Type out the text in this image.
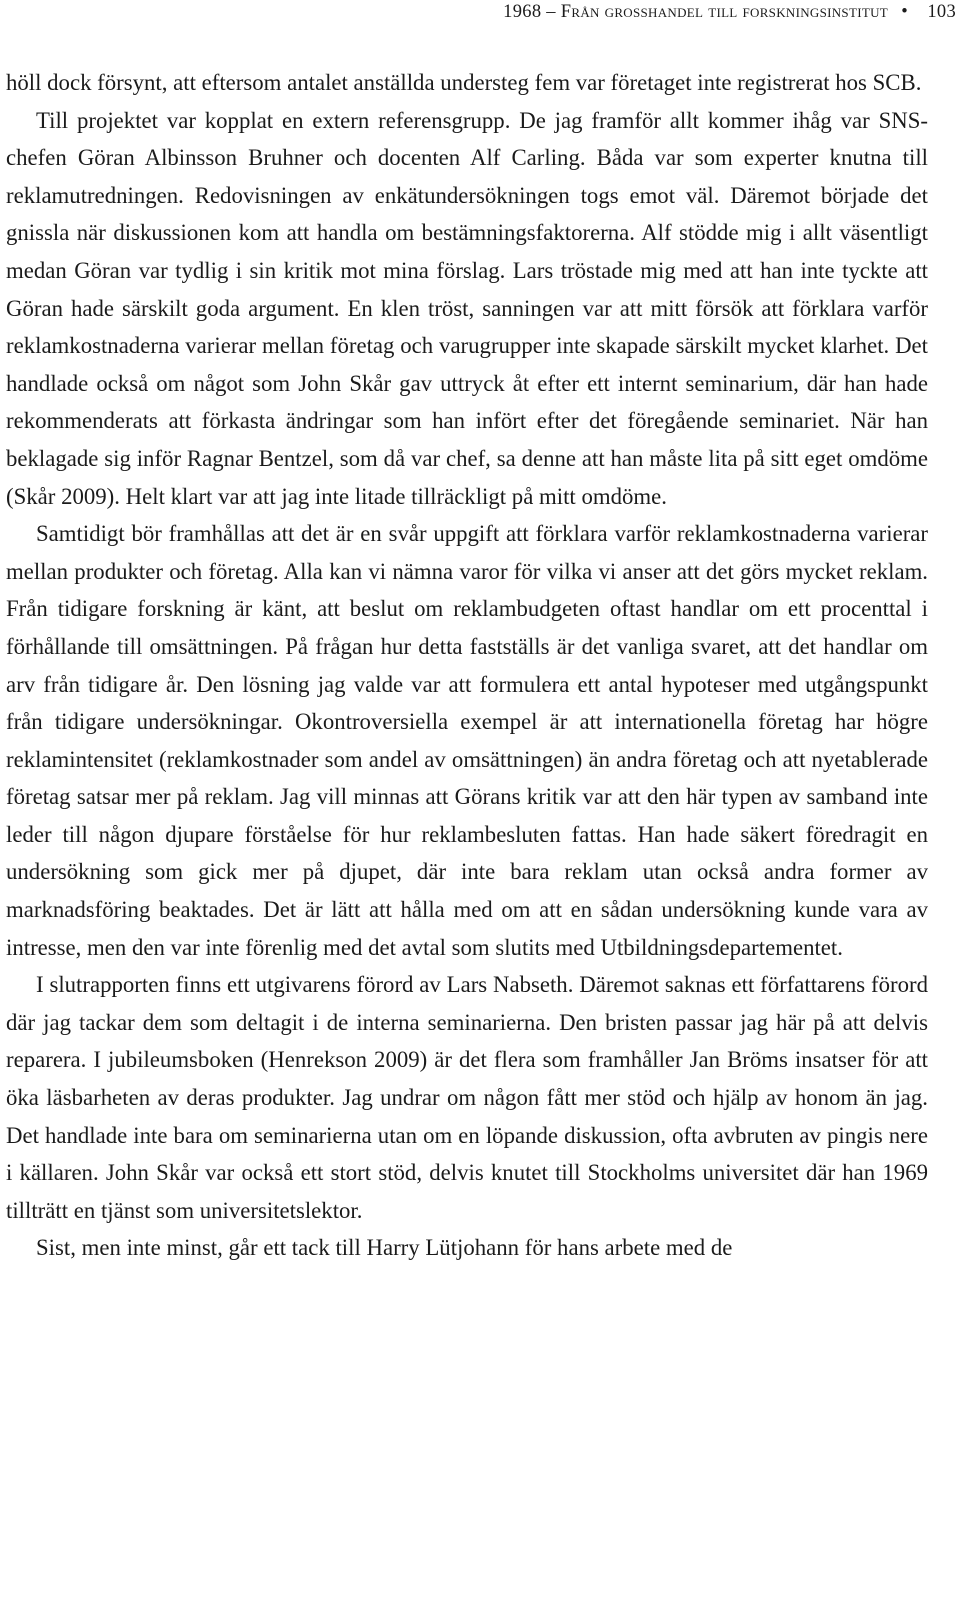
1968 – Från grosshandel till forskningsinstitut • 103

höll dock försynt, att eftersom antalet anställda understeg fem var företaget inte registrerat hos SCB.

Till projektet var kopplat en extern referensgrupp. De jag framför allt kommer ihåg var SNS-chefen Göran Albinsson Bruhner och docenten Alf Carling. Båda var som experter knutna till reklamutredningen. Redovisningen av enkätundersökningen togs emot väl. Däremot började det gnissla när diskussionen kom att handla om bestämningsfaktorerna. Alf stödde mig i allt väsentligt medan Göran var tydlig i sin kritik mot mina förslag. Lars tröstade mig med att han inte tyckte att Göran hade särskilt goda argument. En klen tröst, sanningen var att mitt försök att förklara varför reklamkostnaderna varierar mellan företag och varugrupper inte skapade särskilt mycket klarhet. Det handlade också om något som John Skår gav uttryck åt efter ett internt seminarium, där han hade rekommenderats att förkasta ändringar som han infört efter det föregående seminariet. När han beklagade sig inför Ragnar Bentzel, som då var chef, sa denne att han måste lita på sitt eget omdöme (Skår 2009). Helt klart var att jag inte litade tillräckligt på mitt omdöme.

Samtidigt bör framhållas att det är en svår uppgift att förklara varför reklamkostnaderna varierar mellan produkter och företag. Alla kan vi nämna varor för vilka vi anser att det görs mycket reklam. Från tidigare forskning är känt, att beslut om reklambudgeten oftast handlar om ett procenttal i förhållande till omsättningen. På frågan hur detta fastställs är det vanliga svaret, att det handlar om arv från tidigare år. Den lösning jag valde var att formulera ett antal hypoteser med utgångspunkt från tidigare undersökningar. Okontroversiella exempel är att internationella företag har högre reklamintensitet (reklamkostnader som andel av omsättningen) än andra företag och att nyetablerade företag satsar mer på reklam. Jag vill minnas att Görans kritik var att den här typen av samband inte leder till någon djupare förståelse för hur reklambesluten fattas. Han hade säkert föredragit en undersökning som gick mer på djupet, där inte bara reklam utan också andra former av marknadsföring beaktades. Det är lätt att hålla med om att en sådan undersökning kunde vara av intresse, men den var inte förenlig med det avtal som slutits med Utbildningsdepartementet.

I slutrapporten finns ett utgivarens förord av Lars Nabseth. Däremot saknas ett författarens förord där jag tackar dem som deltagit i de interna seminarierna. Den bristen passar jag här på att delvis reparera. I jubileumsboken (Henrekson 2009) är det flera som framhåller Jan Bröms insatser för att öka läsbarheten av deras produkter. Jag undrar om någon fått mer stöd och hjälp av honom än jag. Det handlade inte bara om seminarierna utan om en löpande diskussion, ofta avbruten av pingis nere i källaren. John Skår var också ett stort stöd, delvis knutet till Stockholms universitet där han 1969 tillträtt en tjänst som universitetslektor.

Sist, men inte minst, går ett tack till Harry Lütjohann för hans arbete med de
